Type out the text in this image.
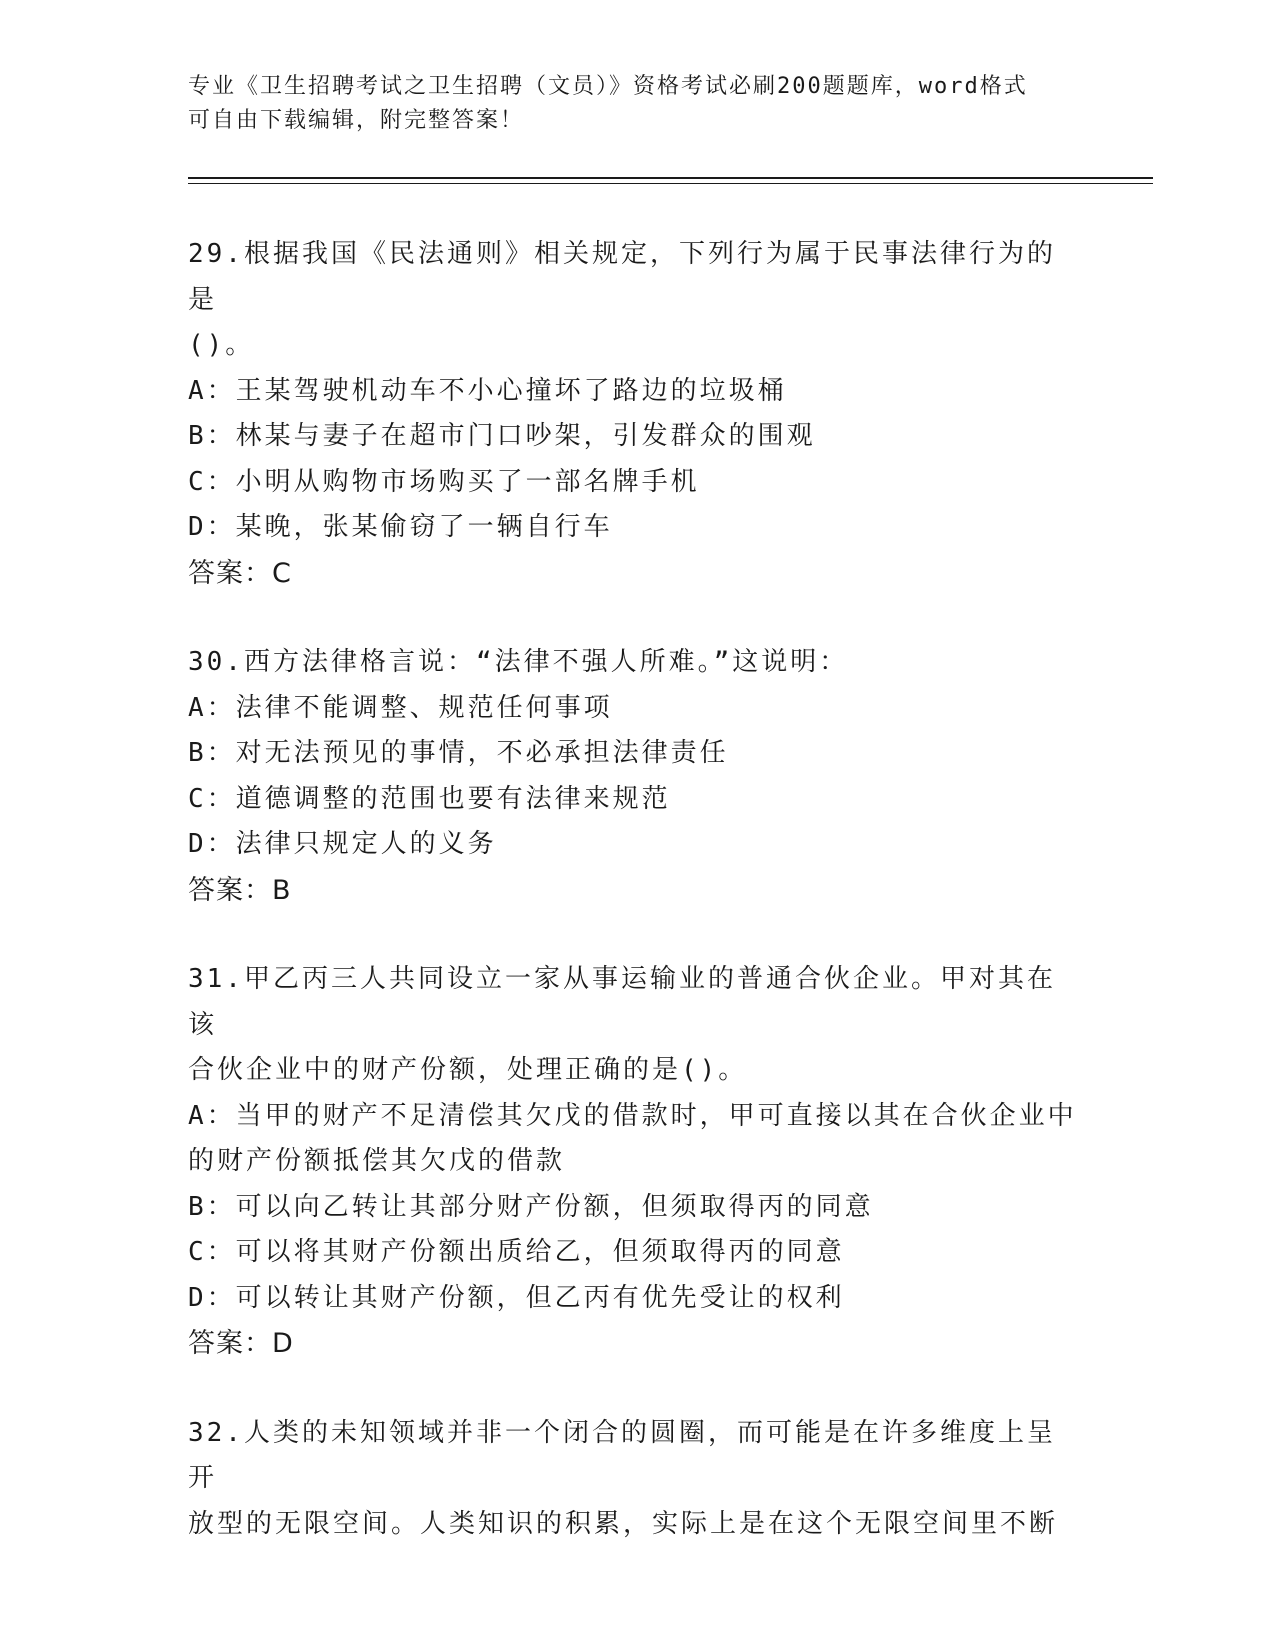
专业《卫生招聘考试之卫生招聘（文员）》资格考试必刷200题题库，word格式
可自由下载编辑，附完整答案！
29.根据我国《民法通则》相关规定，下列行为属于民事法律行为的是
()。
A：王某驾驶机动车不小心撞坏了路边的垃圾桶
B：林某与妻子在超市门口吵架，引发群众的围观
C：小明从购物市场购买了一部名牌手机
D：某晚，张某偷窃了一辆自行车
答案：C
30.西方法律格言说：“法律不强人所难。”这说明：
A：法律不能调整、规范任何事项
B：对无法预见的事情，不必承担法律责任
C：道德调整的范围也要有法律来规范
D：法律只规定人的义务
答案：B
31.甲乙丙三人共同设立一家从事运输业的普通合伙企业。甲对其在该
合伙企业中的财产份额，处理正确的是()。
A：当甲的财产不足清偿其欠戊的借款时，甲可直接以其在合伙企业中
的财产份额抵偿其欠戊的借款
B：可以向乙转让其部分财产份额，但须取得丙的同意
C：可以将其财产份额出质给乙，但须取得丙的同意
D：可以转让其财产份额，但乙丙有优先受让的权利
答案：D
32.人类的未知领域并非一个闭合的圆圈，而可能是在许多维度上呈开
放型的无限空间。人类知识的积累，实际上是在这个无限空间里不断
